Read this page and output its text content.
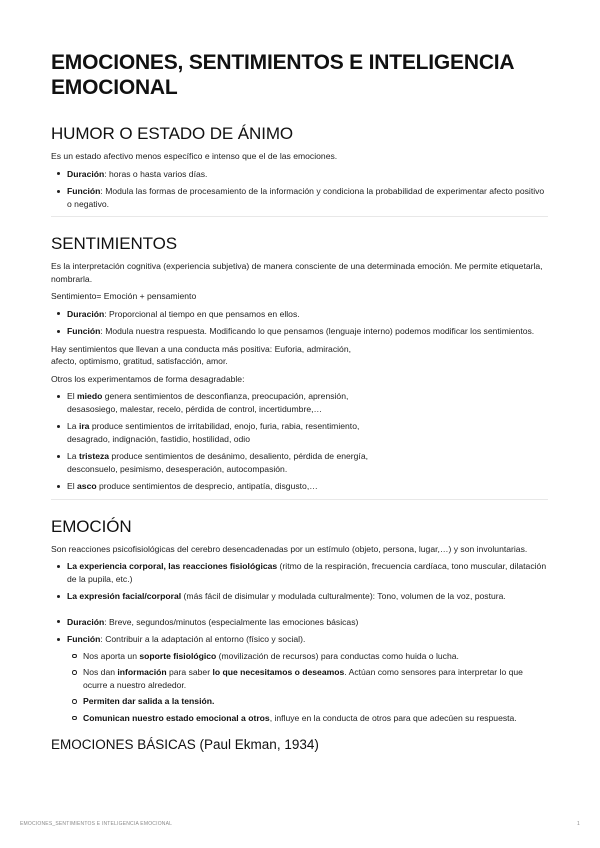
EMOCIONES, SENTIMIENTOS E INTELIGENCIA EMOCIONAL
HUMOR O ESTADO DE ÁNIMO

Es un estado afectivo menos específico e intenso que el de las emociones.

Duración: horas o hasta varios días.
Función: Modula las formas de procesamiento de la información y condiciona la probabilidad de experimentar afecto positivo o negativo.
SENTIMIENTOS

Es la interpretación cognitiva (experiencia subjetiva) de manera consciente de una determinada emoción. Me permite etiquetarla, nombrarla.

Sentimiento= Emoción + pensamiento

Duración: Proporcional al tiempo en que pensamos en ellos.
Función: Modula nuestra respuesta. Modificando lo que pensamos (lenguaje interno) podemos modificar los sentimientos.

Hay sentimientos que llevan a una conducta más positiva: Euforia, admiración,
afecto, optimismo, gratitud, satisfacción, amor.

Otros los experimentamos de forma desagradable:

El miedo genera sentimientos de desconfianza, preocupación, aprensión, desasosiego, malestar, recelo, pérdida de control, incertidumbre,…
La ira produce sentimientos de irritabilidad, enojo, furia, rabia, resentimiento, desagrado, indignación, fastidio, hostilidad, odio
La tristeza produce sentimientos de desánimo, desaliento, pérdida de energía, desconsuelo, pesimismo, desesperación, autocompasión.
El asco produce sentimientos de desprecio, antipatía, disgusto,…
EMOCIÓN

Son reacciones psicofisiológicas del cerebro desencadenadas por un estímulo (objeto, persona, lugar,…) y son involuntarias.

La experiencia corporal, las reacciones fisiológicas (ritmo de la respiración, frecuencia cardíaca, tono muscular, dilatación de la pupila, etc.)
La expresión facial/corporal (más fácil de disimular y modulada culturalmente): Tono, volumen de la voz, postura.
Duración: Breve, segundos/minutos (especialmente las emociones básicas)
Función: Contribuir a la adaptación al entorno (físico y social).
Nos aporta un soporte fisiológico (movilización de recursos) para conductas como huida o lucha.
Nos dan información para saber lo que necesitamos o deseamos. Actúan como sensores para interpretar lo que ocurre a nuestro alrededor.
Permiten dar salida a la tensión.
Comunican nuestro estado emocional a otros, influye en la conducta de otros para que adecúen su respuesta.
EMOCIONES BÁSICAS (Paul Ekman, 1934)
EMOCIONES_SENTIMIENTOS E INTELIGENCIA EMOCIONAL	1
